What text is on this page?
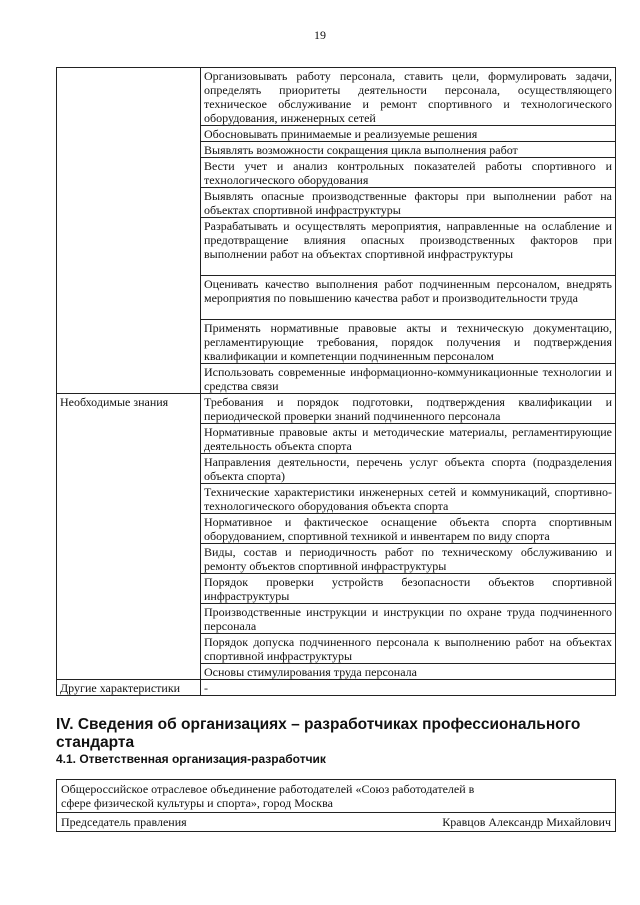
19
	Организовывать работу персонала, ставить цели, формулировать задачи, определять приоритеты деятельности персонала, осуществляющего техническое обслуживание и ремонт спортивного и технологического оборудования, инженерных сетей
	Обосновывать принимаемые и реализуемые решения
	Выявлять возможности сокращения цикла выполнения работ
	Вести учет и анализ контрольных показателей работы спортивного и технологического оборудования
	Выявлять опасные производственные факторы при выполнении работ на объектах спортивной инфраструктуры
	Разрабатывать и осуществлять мероприятия, направленные на ослабление и предотвращение влияния опасных производственных факторов при выполнении работ на объектах спортивной инфраструктуры
	Оценивать качество выполнения работ подчиненным персоналом, внедрять мероприятия по повышению качества работ и производительности труда
	Применять нормативные правовые акты и техническую документацию, регламентирующие требования, порядок получения и подтверждения квалификации и компетенции подчиненным персоналом
	Использовать современные информационно-коммуникационные технологии и средства связи
Необходимые знания	Требования и порядок подготовки, подтверждения квалификации и периодической проверки знаний подчиненного персонала
	Нормативные правовые акты и методические материалы, регламентирующие деятельность объекта спорта
	Направления деятельности, перечень услуг объекта спорта (подразделения объекта спорта)
	Технические характеристики инженерных сетей и коммуникаций, спортивно-технологического оборудования объекта спорта
	Нормативное и фактическое оснащение объекта спорта спортивным оборудованием, спортивной техникой и инвентарем по виду спорта
	Виды, состав и периодичность работ по техническому обслуживанию и ремонту объектов спортивной инфраструктуры
	Порядок проверки устройств безопасности объектов спортивной инфраструктуры
	Производственные инструкции и инструкции по охране труда подчиненного персонала
	Порядок допуска подчиненного персонала к выполнению работ на объектах спортивной инфраструктуры
	Основы стимулирования труда персонала
Другие характеристики	-
IV. Сведения об организациях – разработчиках профессионального стандарта
4.1. Ответственная организация-разработчик
Общероссийское отраслевое объединение работодателей «Союз работодателей в сфере физической культуры и спорта», город Москва
Председатель правления	Кравцов Александр Михайлович
